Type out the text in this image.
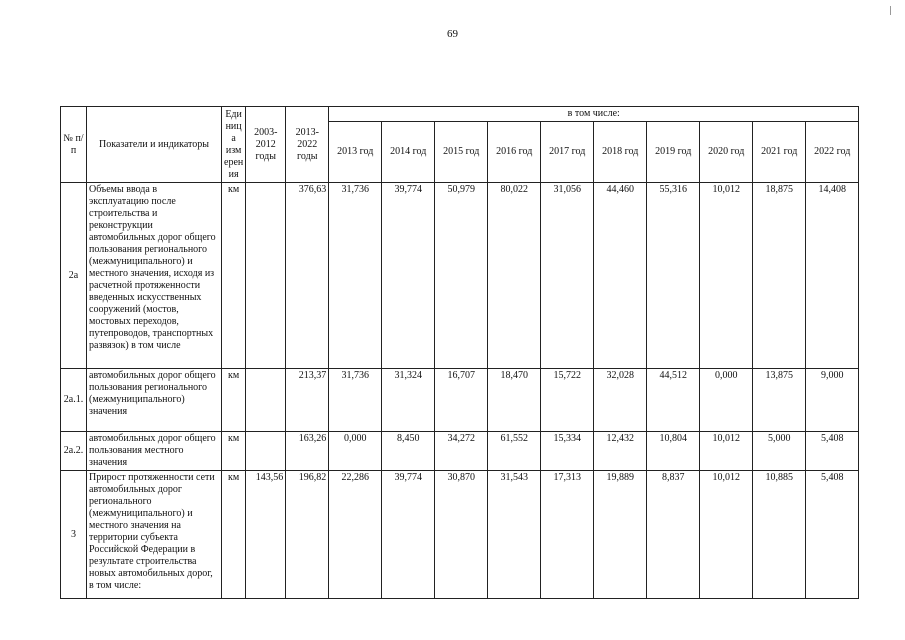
69
№ п/п	Показатели и индикаторы	Еди ниц а изм ерен ия	2003-2012 годы	2013-2022 годы	в том числе:									
					2013 год	2014 год	2015 год	2016 год	2017 год	2018 год	2019 год	2020 год	2021 год	2022 год
2а	Объемы ввода в эксплуатацию после строительства и реконструкции автомобильных дорог общего пользования регионального (межмуниципального) и местного значения, исходя из расчетной протяженности введенных искусственных сооружений (мостов, мостовых переходов, путепроводов, транспортных развязок) в том числе	км		376,63	31,736	39,774	50,979	80,022	31,056	44,460	55,316	10,012	18,875	14,408
2а.1.	автомобильных дорог общего пользования регионального (межмуниципального) значения	км		213,37	31,736	31,324	16,707	18,470	15,722	32,028	44,512	0,000	13,875	9,000
2а.2.	автомобильных дорог общего пользования местного значения	км		163,26	0,000	8,450	34,272	61,552	15,334	12,432	10,804	10,012	5,000	5,408
3	Прирост протяженности сети автомобильных дорог регионального (межмуниципального) и местного значения на территории субъекта Российской Федерации в результате строительства новых автомобильных дорог, в том числе:	км	143,56	196,82	22,286	39,774	30,870	31,543	17,313	19,889	8,837	10,012	10,885	5,408
